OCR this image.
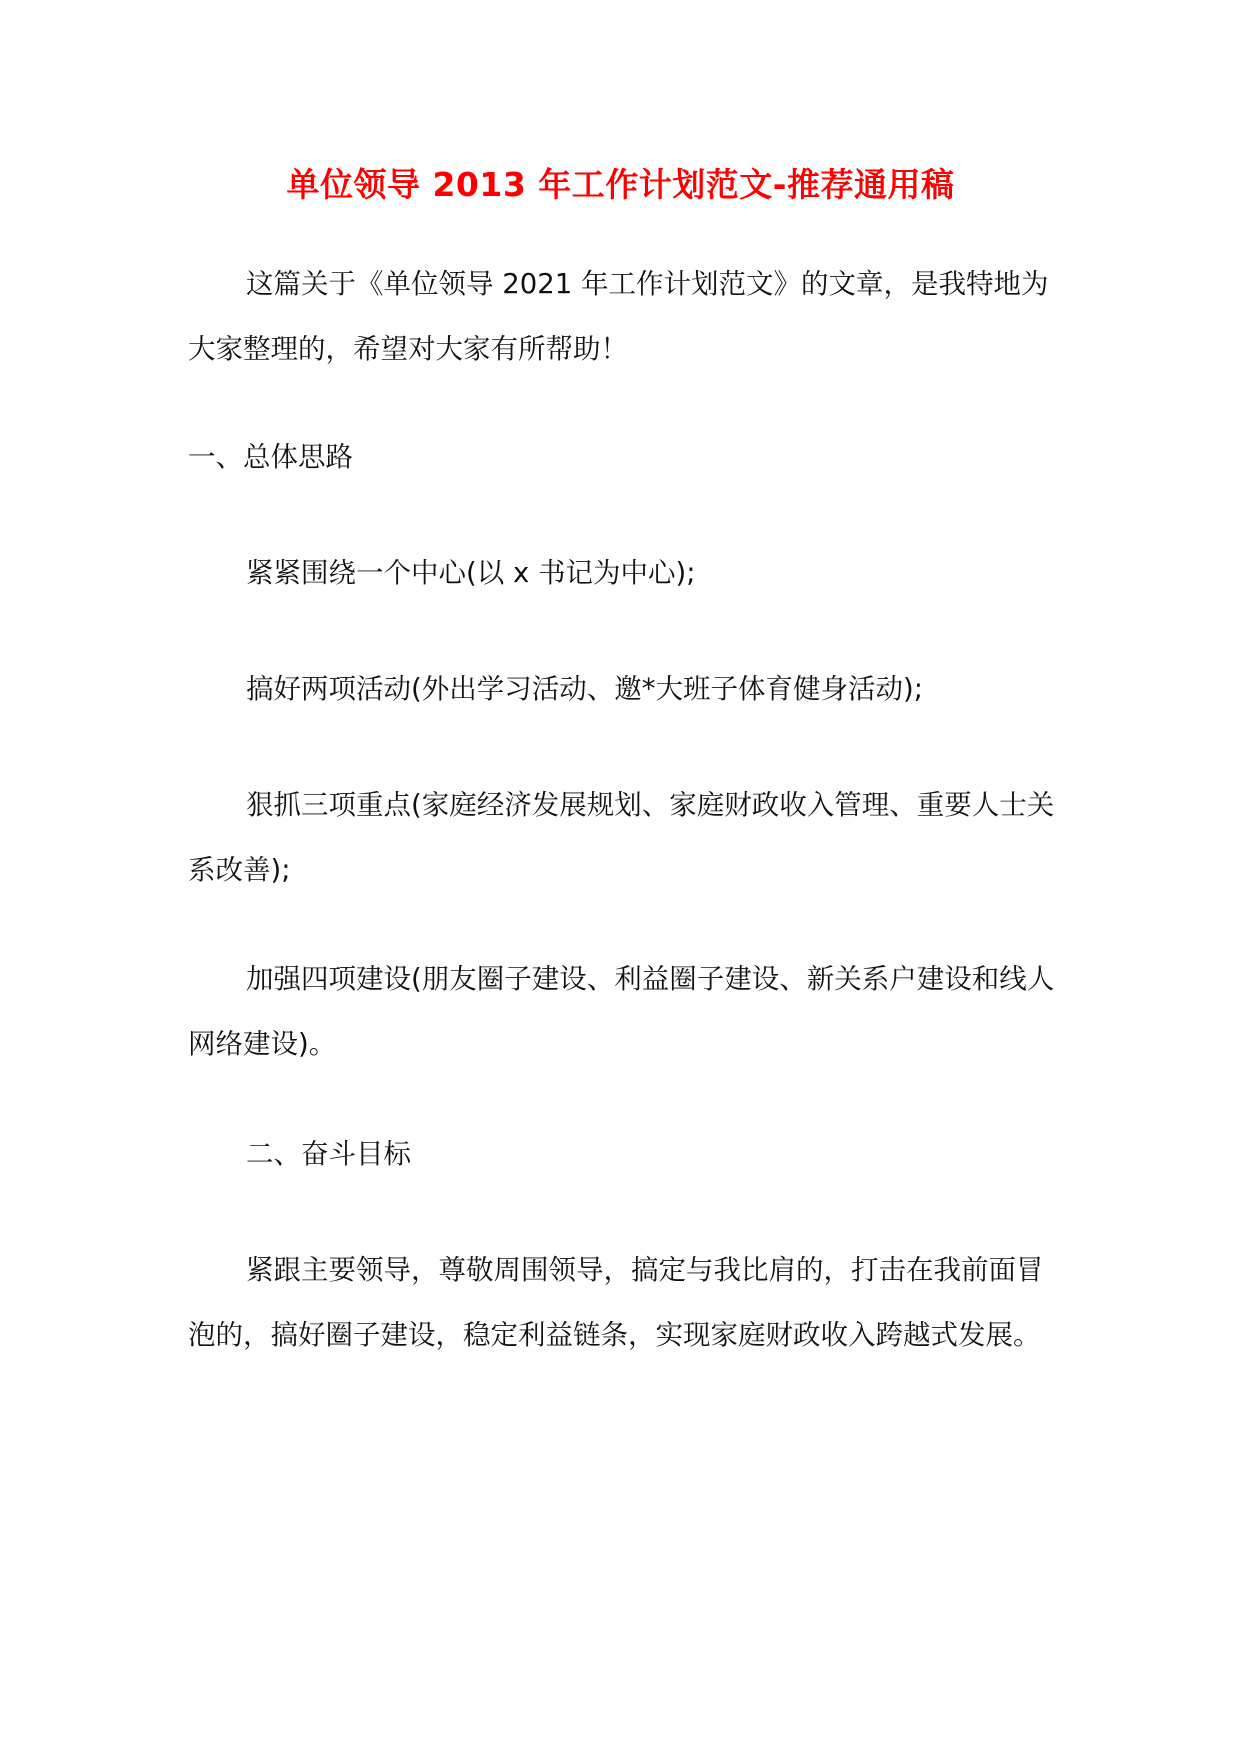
单位领导 2013 年工作计划范文-推荐通用稿

这篇关于《单位领导 2021 年工作计划范文》的文章，是我特地为大家整理的，希望对大家有所帮助！

一、总体思路

紧紧围绕一个中心(以 x 书记为中心);

搞好两项活动(外出学习活动、邀*大班子体育健身活动);

狠抓三项重点(家庭经济发展规划、家庭财政收入管理、重要人士关系改善);

加强四项建设(朋友圈子建设、利益圈子建设、新关系户建设和线人网络建设)。

二、奋斗目标

紧跟主要领导，尊敬周围领导，搞定与我比肩的，打击在我前面冒泡的，搞好圈子建设，稳定利益链条，实现家庭财政收入跨越式发展。
